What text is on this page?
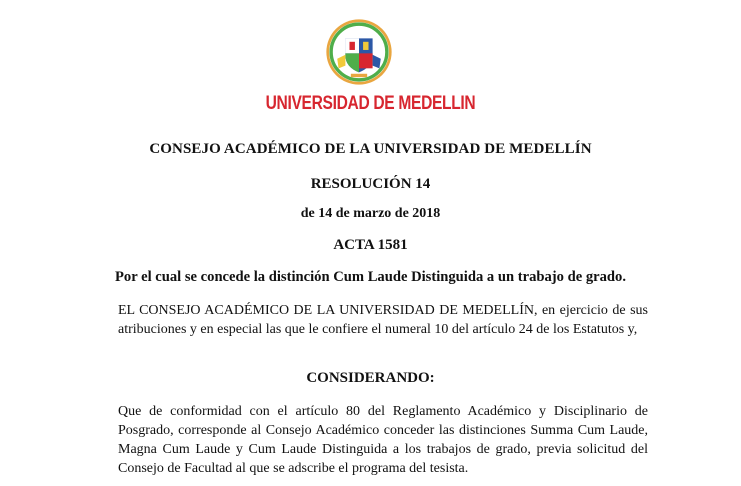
UNIVERSIDAD DE MEDELLIN
CONSEJO ACADÉMICO DE LA UNIVERSIDAD DE MEDELLÍN
RESOLUCIÓN 14
de 14 de marzo de 2018
ACTA 1581
Por el cual se concede la distinción Cum Laude Distinguida a un trabajo de grado.
EL CONSEJO ACADÉMICO DE LA UNIVERSIDAD DE MEDELLÍN, en ejercicio de sus atribuciones y en especial las que le confiere el numeral 10 del artículo 24 de los Estatutos y,
CONSIDERANDO:
Que de conformidad con el artículo 80 del Reglamento Académico y Disciplinario de Posgrado, corresponde al Consejo Académico conceder las distinciones Summa Cum Laude, Magna Cum Laude y Cum Laude Distinguida a los trabajos de grado, previa solicitud del Consejo de Facultad al que se adscribe el programa del tesista.
